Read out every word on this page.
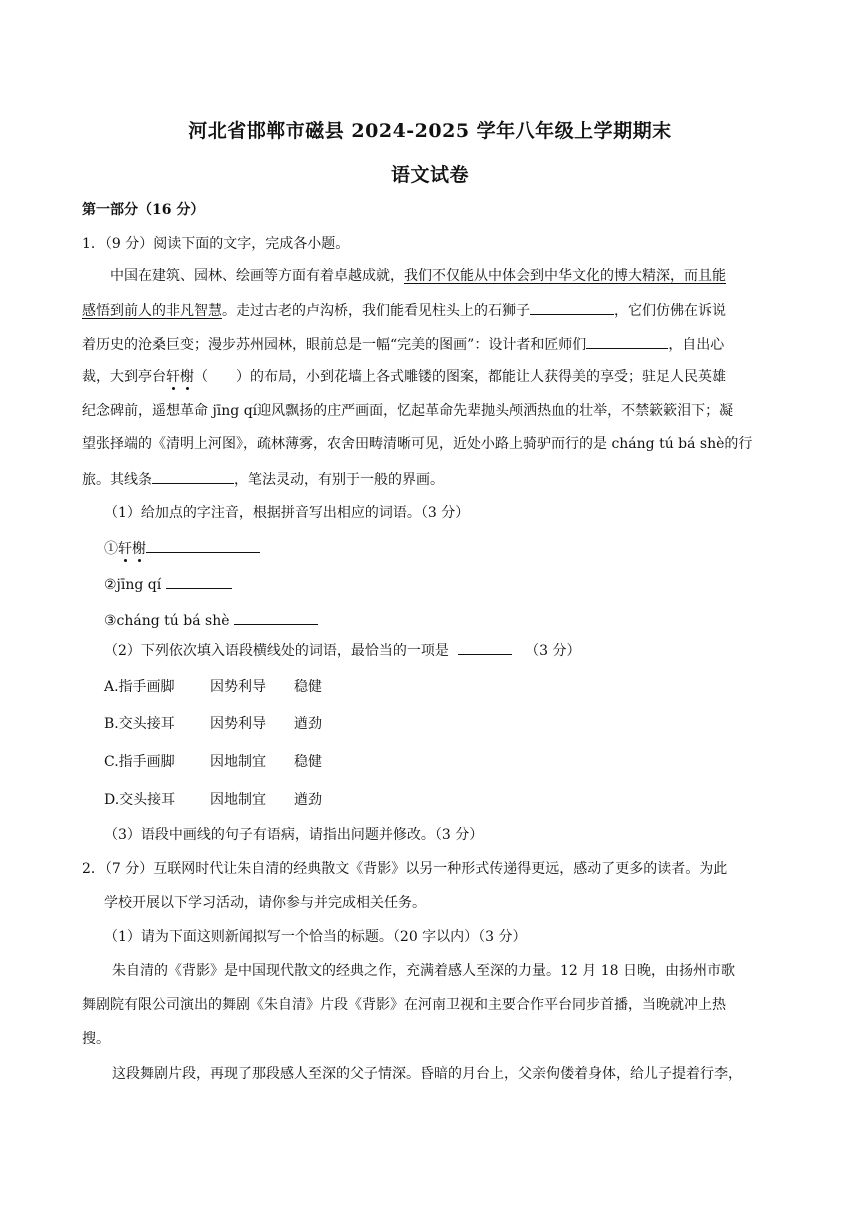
河北省邯郸市磁县 2024-2025 学年八年级上学期期末
语文试卷
第一部分（16 分）
1．（9 分）阅读下面的文字，完成各小题。
中国在建筑、园林、绘画等方面有着卓越成就，我们不仅能从中体会到中华文化的博大精深，而且能
感悟到前人的非凡智慧。走过古老的卢沟桥，我们能看见柱头上的石狮子	，它们仿佛在诉说
着历史的沧桑巨变；漫步苏州园林，眼前总是一幅“完美的图画”：设计者和匠师们	，自出心
裁，大到亭台轩榭（　　）的布局，小到花墙上各式雕镂的图案，都能让人获得美的享受；驻足人民英雄
纪念碑前，遥想革命 jīng qí迎风飘扬的庄严画面，忆起革命先辈抛头颅洒热血的壮举，不禁簌簌泪下；凝
望张择端的《清明上河图》，疏林薄雾，农舍田畴清晰可见，近处小路上骑驴而行的是 cháng tú bá shè的行
旅。其线条	，笔法灵动，有别于一般的界画。
（1）给加点的字注音，根据拼音写出相应的词语。（3 分）
①轩榭
②jīng qí
③cháng tú bá shè
（2）下列依次填入语段横线处的词语，最恰当的一项是	（3 分）
A.指手画脚	因势利导 稳健
B.交头接耳	因势利导 遒劲
C.指手画脚	因地制宜 稳健
D.交头接耳 因地制宜 遒劲
（3）语段中画线的句子有语病，请指出问题并修改。（3 分）
2．（7 分）互联网时代让朱自清的经典散文《背影》以另一种形式传递得更远，感动了更多的读者。为此
学校开展以下学习活动，请你参与并完成相关任务。
（1）请为下面这则新闻拟写一个恰当的标题。（20 字以内）（3 分）
朱自清的《背影》是中国现代散文的经典之作，充满着感人至深的力量。12 月 18 日晚，由扬州市歌
舞剧院有限公司演出的舞剧《朱自清》片段《背影》在河南卫视和主要合作平台同步首播，当晚就冲上热
搜。
这段舞剧片段，再现了那段感人至深的父子情深。昏暗的月台上，父亲佝偻着身体，给儿子提着行李，
